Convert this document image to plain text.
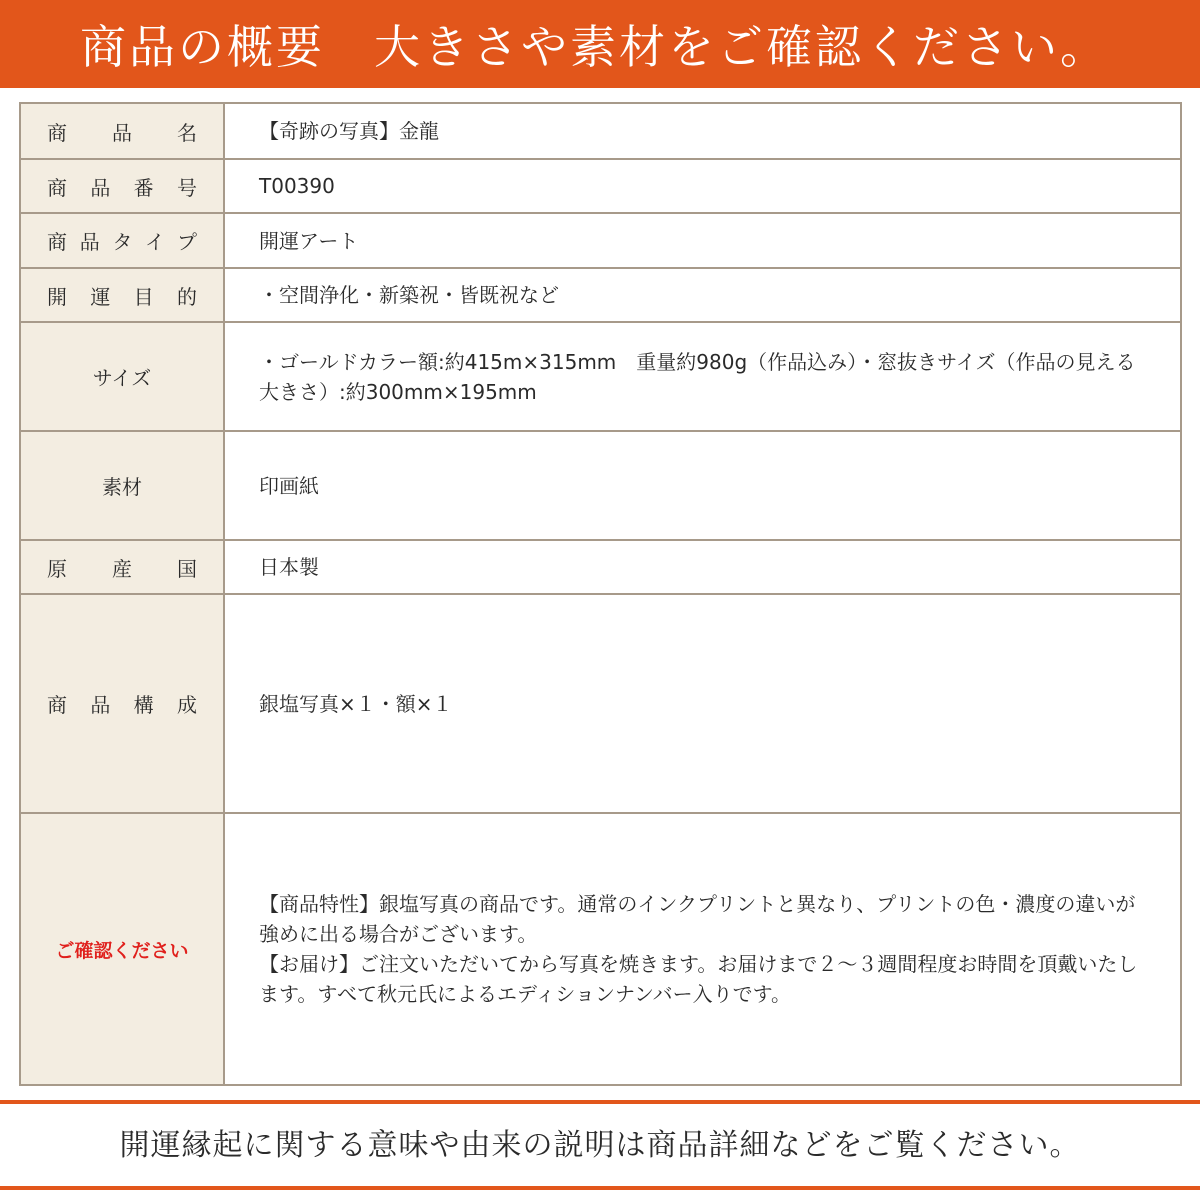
商品の概要　大きさや素材をご確認ください。
商品名	【奇跡の写真】金龍

商品番号	T00390

商品タイプ	開運アート

開運目的	・空間浄化・新築祝・皆既祝など
サイズ	・ゴールドカラー額:約415m×315mm　重量約980g（作品込み）・窓抜きサイズ（作品の見える大きさ）:約300mm×195mm
素材	印画紙

原産国	日本製

商品構成	銀塩写真×１・額×１
ご確認ください	【商品特性】銀塩写真の商品です。通常のインクプリントと異なり、プリントの色・濃度の違いが強めに出る場合がございます。
【お届け】ご注文いただいてから写真を焼きます。お届けまで２〜３週間程度お時間を頂戴いたします。すべて秋元氏によるエディションナンバー入りです。
開運縁起に関する意味や由来の説明は商品詳細などをご覧ください。
